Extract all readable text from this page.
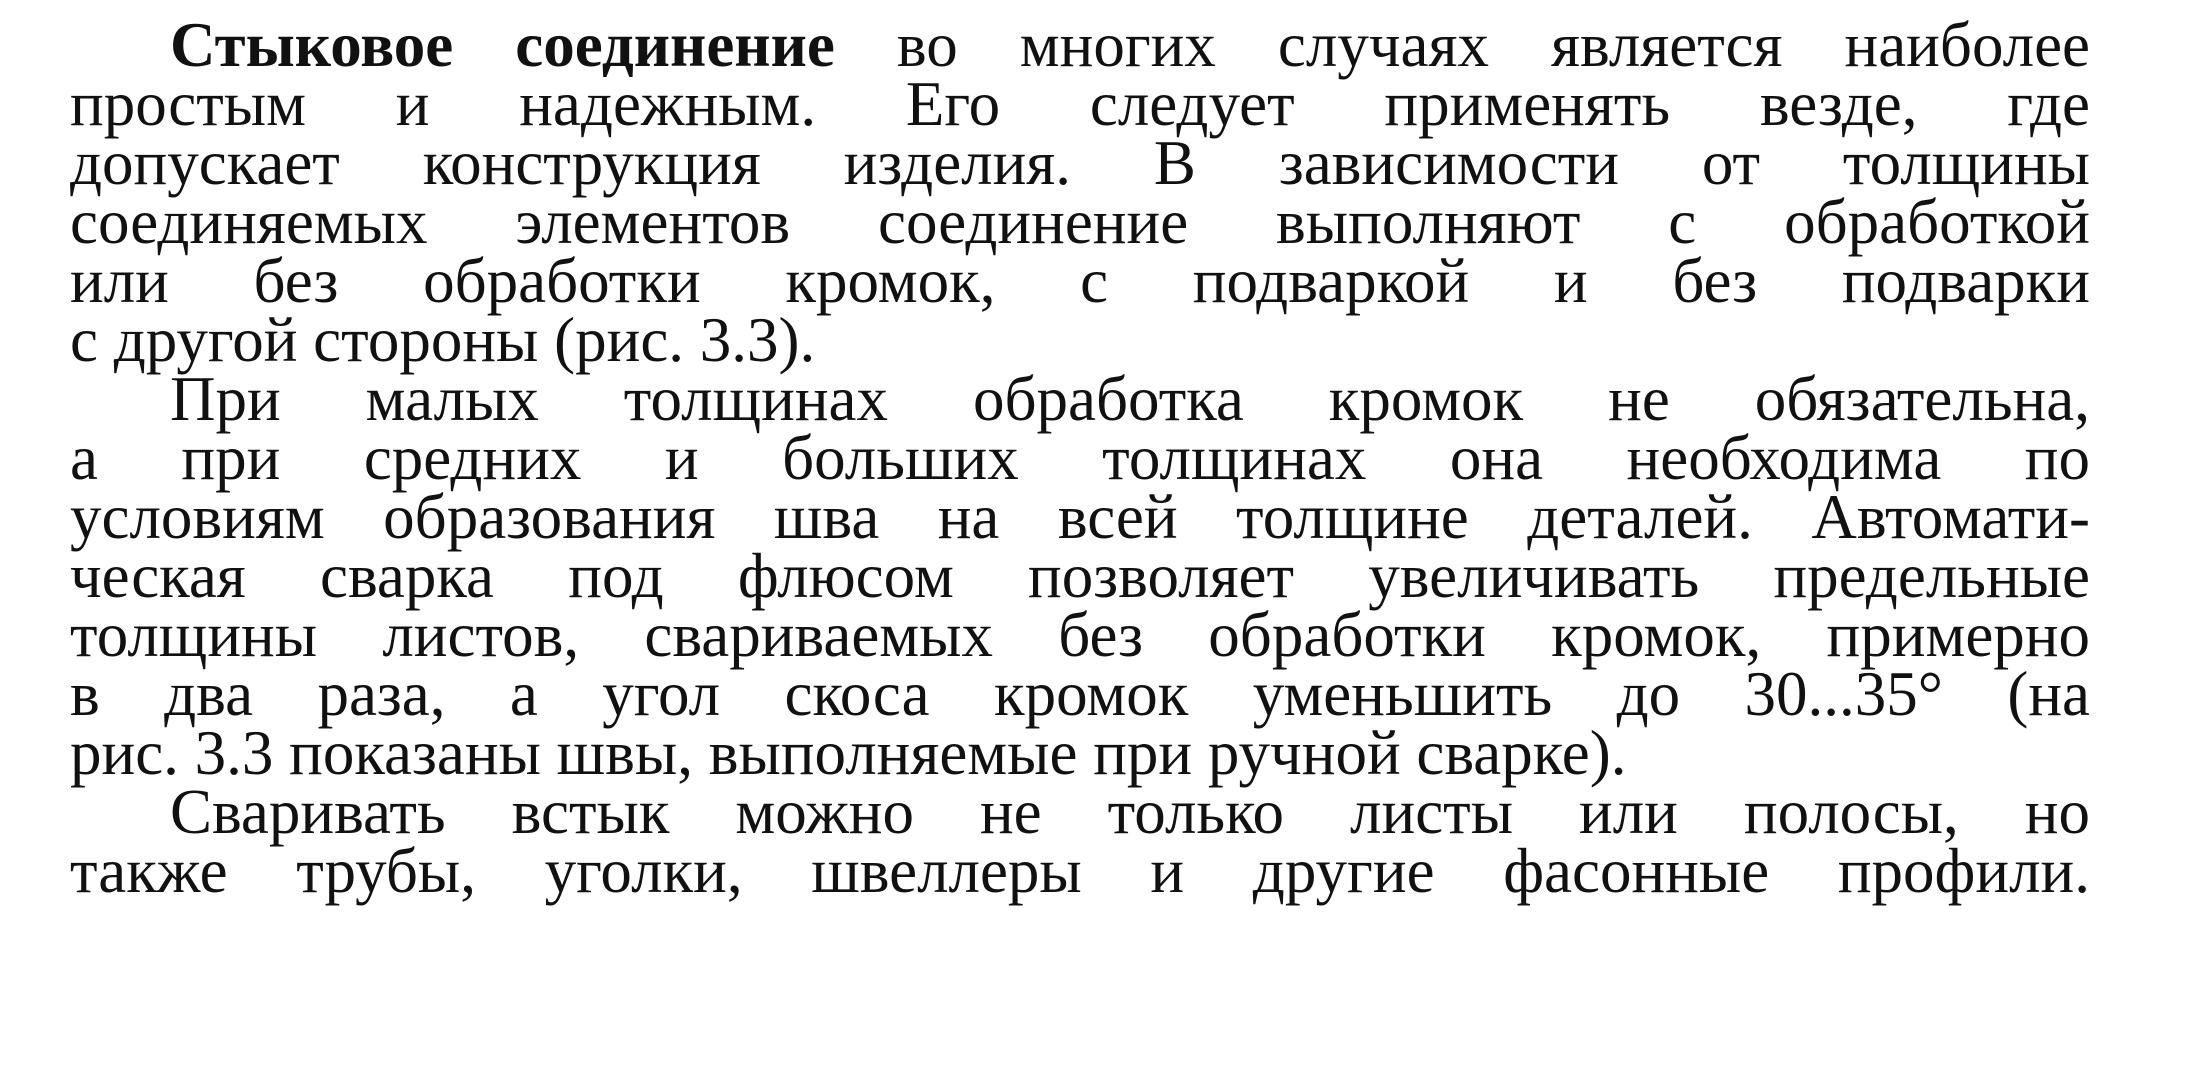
Стыковое соединение во многих случаях является наиболее
простым и надежным. Его следует применять везде, где
допускает конструкция изделия. В зависимости от толщины
соединяемых элементов соединение выполняют с обработкой
или без обработки кромок, с подваркой и без подварки
с другой стороны (рис. 3.3).
При малых толщинах обработка кромок не обязательна,
а при средних и больших толщинах она необходима по
условиям образования шва на всей толщине деталей. Автомати-
ческая сварка под флюсом позволяет увеличивать предельные
толщины листов, свариваемых без обработки кромок, примерно
в два раза, а угол скоса кромок уменьшить до 30...35° (на
рис. 3.3 показаны швы, выполняемые при ручной сварке).
Сваривать встык можно не только листы или полосы, но
также трубы, уголки, швеллеры и другие фасонные профили.
